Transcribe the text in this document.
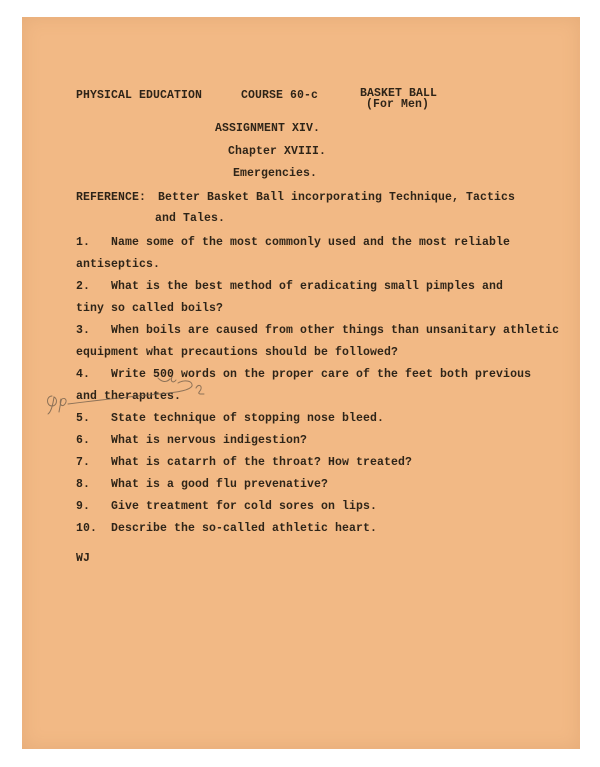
PHYSICAL EDUCATION	COURSE 60-c	BASKET BALL
(For Men)
ASSIGNMENT XIV.
Chapter XVIII.
Emergencies.
REFERENCE: Better Basket Ball incorporating Technique, Tactics
and Tales.
1. Name some of the most commonly used and the most reliable
antiseptics.
2. What is the best method of eradicating small pimples and
tiny so called boils?
3. When boils are caused from other things than unsanitary athletic
equipment what precautions should be followed?
4. Write 500 words on the proper care of the feet both previous
and theraputes.
5. State technique of stopping nose bleed.
6. What is nervous indigestion?
7. What is catarrh of the throat? How treated?
8. What is a good flu prevenative?
9. Give treatment for cold sores on lips.
10. Describe the so-called athletic heart.
WJ
